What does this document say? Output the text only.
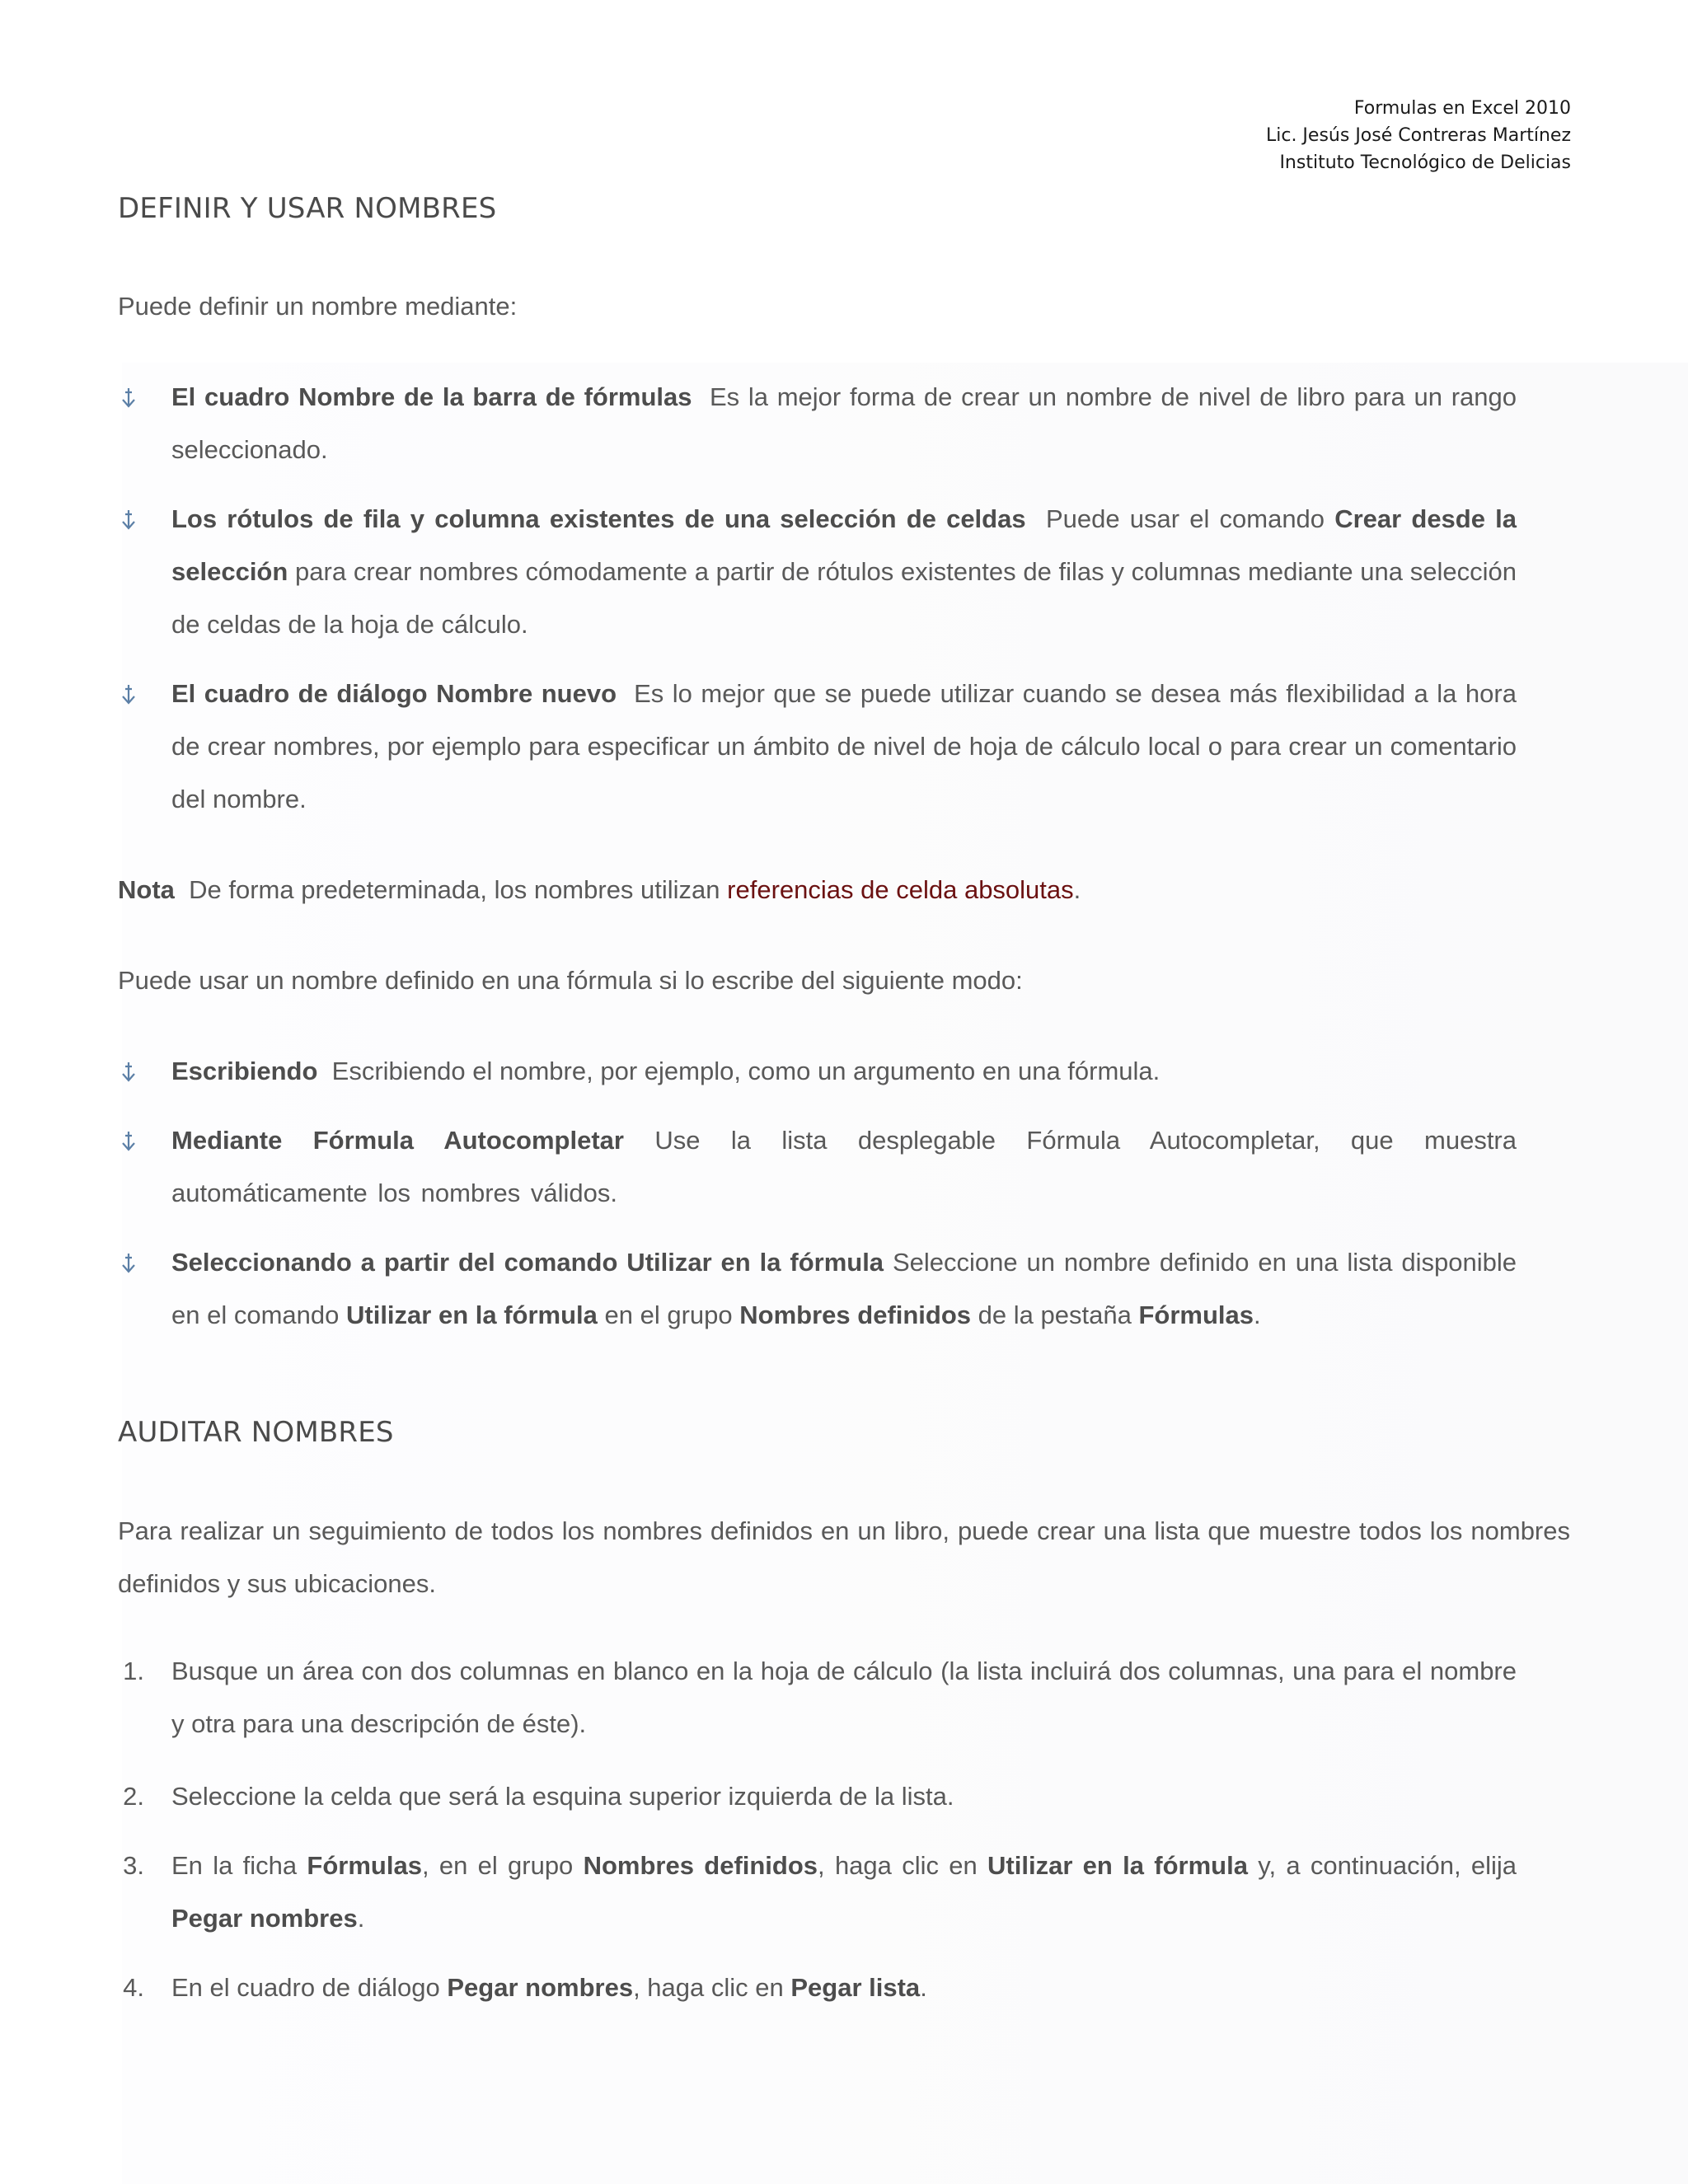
Formulas en Excel 2010
Lic. Jesús José Contreras Martínez
Instituto Tecnológico de Delicias
DEFINIR Y USAR NOMBRES
Puede definir un nombre mediante:
El cuadro Nombre de la barra de fórmulas Es la mejor forma de crear un nombre de nivel de libro para un rango seleccionado.
Los rótulos de fila y columna existentes de una selección de celdas Puede usar el comando Crear desde la selección para crear nombres cómodamente a partir de rótulos existentes de filas y columnas mediante una selección de celdas de la hoja de cálculo.
El cuadro de diálogo Nombre nuevo Es lo mejor que se puede utilizar cuando se desea más flexibilidad a la hora de crear nombres, por ejemplo para especificar un ámbito de nivel de hoja de cálculo local o para crear un comentario del nombre.
Nota De forma predeterminada, los nombres utilizan referencias de celda absolutas.
Puede usar un nombre definido en una fórmula si lo escribe del siguiente modo:
Escribiendo Escribiendo el nombre, por ejemplo, como un argumento en una fórmula.
Mediante Fórmula Autocompletar Use la lista desplegable Fórmula Autocompletar, que muestra automáticamente los nombres válidos.
Seleccionando a partir del comando Utilizar en la fórmula Seleccione un nombre definido en una lista disponible en el comando Utilizar en la fórmula en el grupo Nombres definidos de la pestaña Fórmulas.
AUDITAR NOMBRES
Para realizar un seguimiento de todos los nombres definidos en un libro, puede crear una lista que muestre todos los nombres definidos y sus ubicaciones.
1. Busque un área con dos columnas en blanco en la hoja de cálculo (la lista incluirá dos columnas, una para el nombre y otra para una descripción de éste).
2. Seleccione la celda que será la esquina superior izquierda de la lista.
3. En la ficha Fórmulas, en el grupo Nombres definidos, haga clic en Utilizar en la fórmula y, a continuación, elija Pegar nombres.
4. En el cuadro de diálogo Pegar nombres, haga clic en Pegar lista.
